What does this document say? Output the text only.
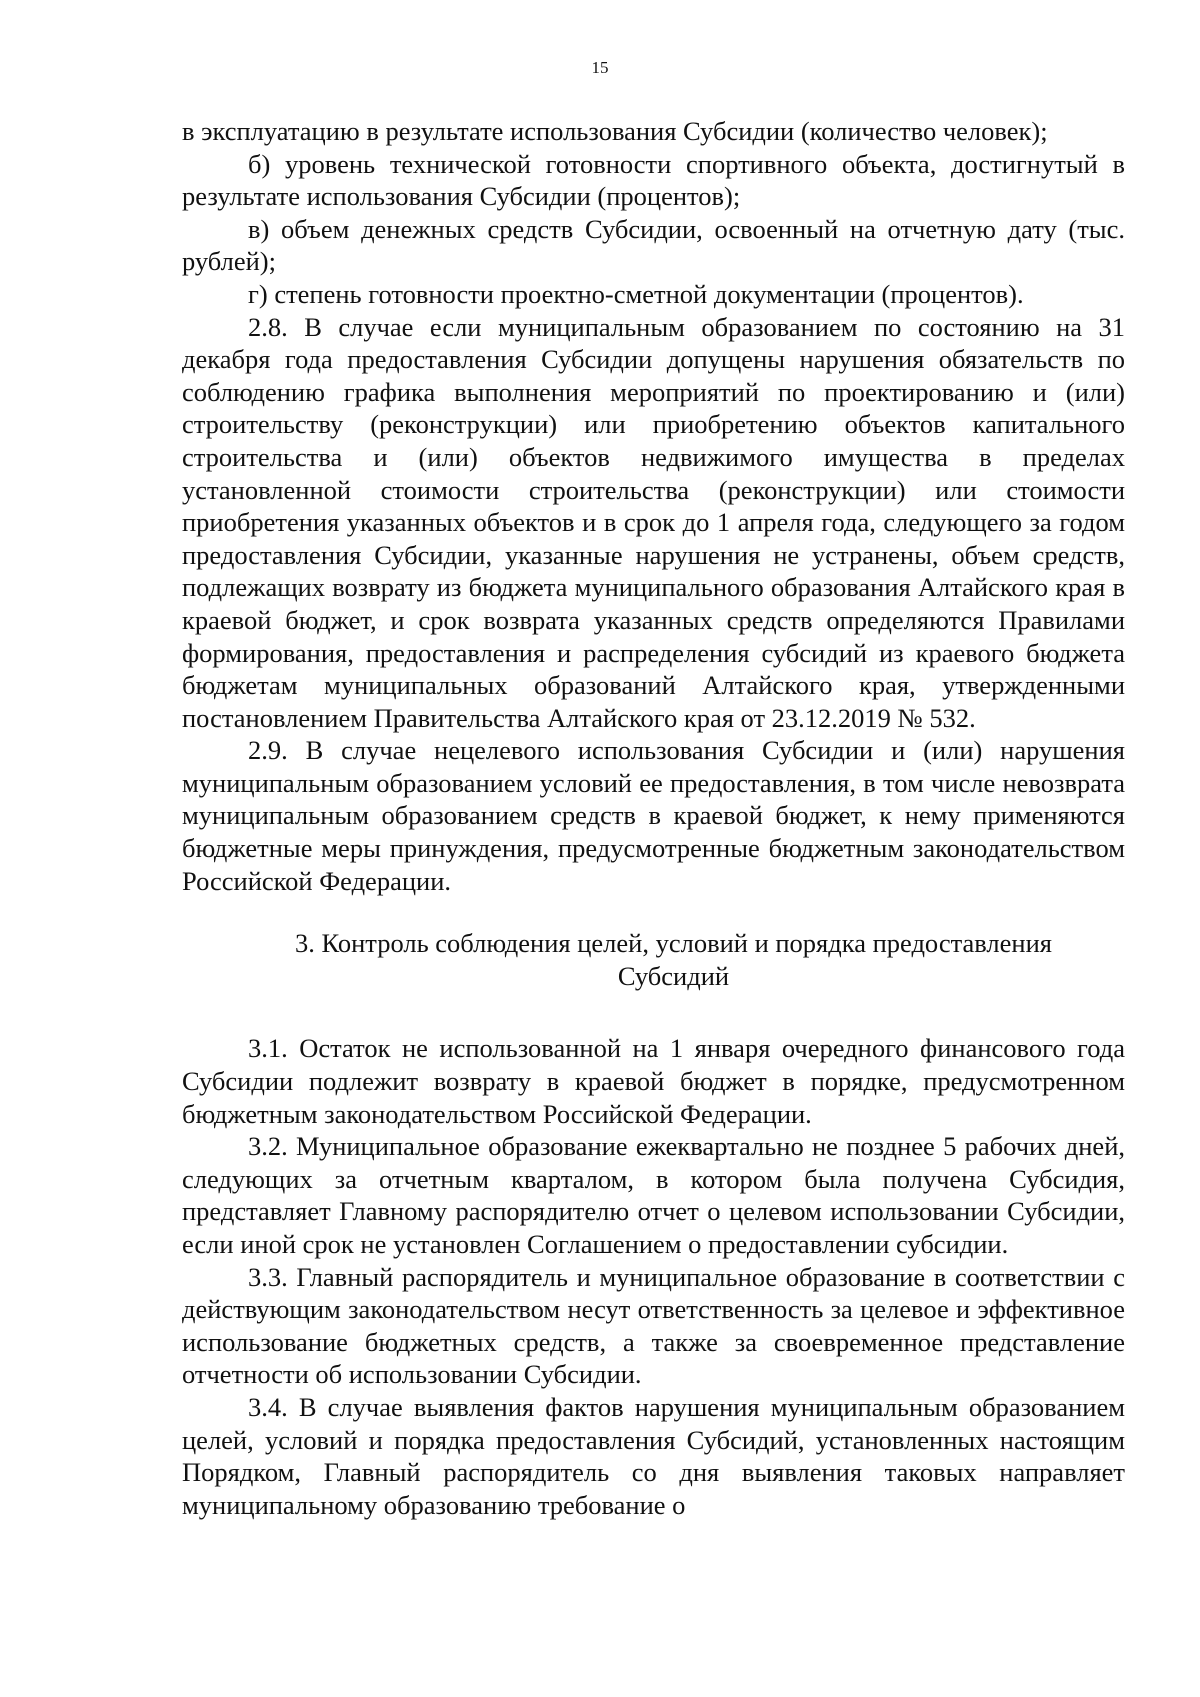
15

в эксплуатацию в результате использования Субсидии (количество человек);

б) уровень технической готовности спортивного объекта, достигнутый в результате использования Субсидии (процентов);

в) объем денежных средств Субсидии, освоенный на отчетную дату (тыс. рублей);

г) степень готовности проектно-сметной документации (процентов).

2.8. В случае если муниципальным образованием по состоянию на 31 декабря года предоставления Субсидии допущены нарушения обязательств по соблюдению графика выполнения мероприятий по проектированию и (или) строительству (реконструкции) или приобретению объектов капитального строительства и (или) объектов недвижимого имущества в пределах установленной стоимости строительства (реконструкции) или стоимости приобретения указанных объектов и в срок до 1 апреля года, следующего за годом предоставления Субсидии, указанные нарушения не устранены, объем средств, подлежащих возврату из бюджета муниципального образования Алтайского края в краевой бюджет, и срок возврата указанных средств определяются Правилами формирования, предоставления и распределения субсидий из краевого бюджета бюджетам муниципальных образований Алтайского края, утвержденными постановлением Правительства Алтайского края от 23.12.2019 № 532.

2.9. В случае нецелевого использования Субсидии и (или) нарушения муниципальным образованием условий ее предоставления, в том числе невозврата муниципальным образованием средств в краевой бюджет, к нему применяются бюджетные меры принуждения, предусмотренные бюджетным законодательством Российской Федерации.

3. Контроль соблюдения целей, условий и порядка предоставления
Субсидий

3.1. Остаток не использованной на 1 января очередного финансового года Субсидии подлежит возврату в краевой бюджет в порядке, предусмотренном бюджетным законодательством Российской Федерации.

3.2. Муниципальное образование ежеквартально не позднее 5 рабочих дней, следующих за отчетным кварталом, в котором была получена Субсидия, представляет Главному распорядителю отчет о целевом использовании Субсидии, если иной срок не установлен Соглашением о предоставлении субсидии.

3.3. Главный распорядитель и муниципальное образование в соответствии с действующим законодательством несут ответственность за целевое и эффективное использование бюджетных средств, а также за своевременное представление отчетности об использовании Субсидии.

3.4. В случае выявления фактов нарушения муниципальным образованием целей, условий и порядка предоставления Субсидий, установленных настоящим Порядком, Главный распорядитель со дня выявления таковых направляет муниципальному образованию требование о
